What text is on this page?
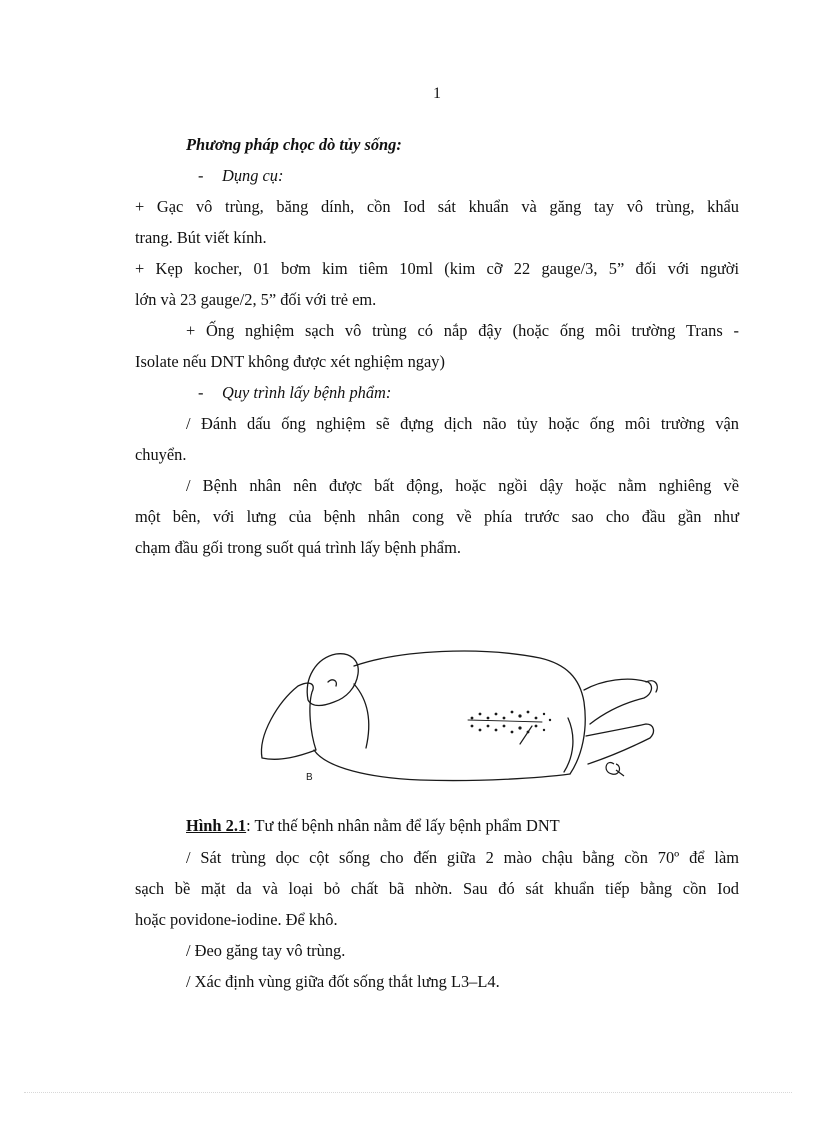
1
Phương pháp chọc dò tủy sống:
- Dụng cụ:
+ Gạc vô trùng, băng dính, cồn Iod sát khuẩn và găng tay vô trùng, khẩu
trang. Bút viết kính.
+ Kẹp kocher, 01 bơm kim tiêm 10ml (kim cỡ 22 gauge/3, 5” đối với người
lớn và 23 gauge/2, 5” đối với trẻ em.
+ Ống nghiệm sạch vô trùng có nắp đậy (hoặc ống môi trường Trans -
Isolate nếu DNT không được xét nghiệm ngay)
- Quy trình lấy bệnh phẩm:
/ Đánh dấu ống nghiệm sẽ đựng dịch não tủy hoặc ống môi trường vận
chuyển.
/ Bệnh nhân nên được bất động, hoặc ngồi dậy hoặc nằm nghiêng về
một bên, với lưng của bệnh nhân cong về phía trước sao cho đầu gần như
chạm đầu gối trong suốt quá trình lấy bệnh phẩm.
B
Hình 2.1: Tư thế bệnh nhân nằm để lấy bệnh phẩm DNT
/ Sát trùng dọc cột sống cho đến giữa 2 mào chậu bằng cồn 70º để làm
sạch bề mặt da và loại bỏ chất bã nhờn. Sau đó sát khuẩn tiếp bằng cồn Iod
hoặc povidone-iodine. Để khô.
/ Đeo găng tay vô trùng.
/ Xác định vùng giữa đốt sống thắt lưng L3–L4.
